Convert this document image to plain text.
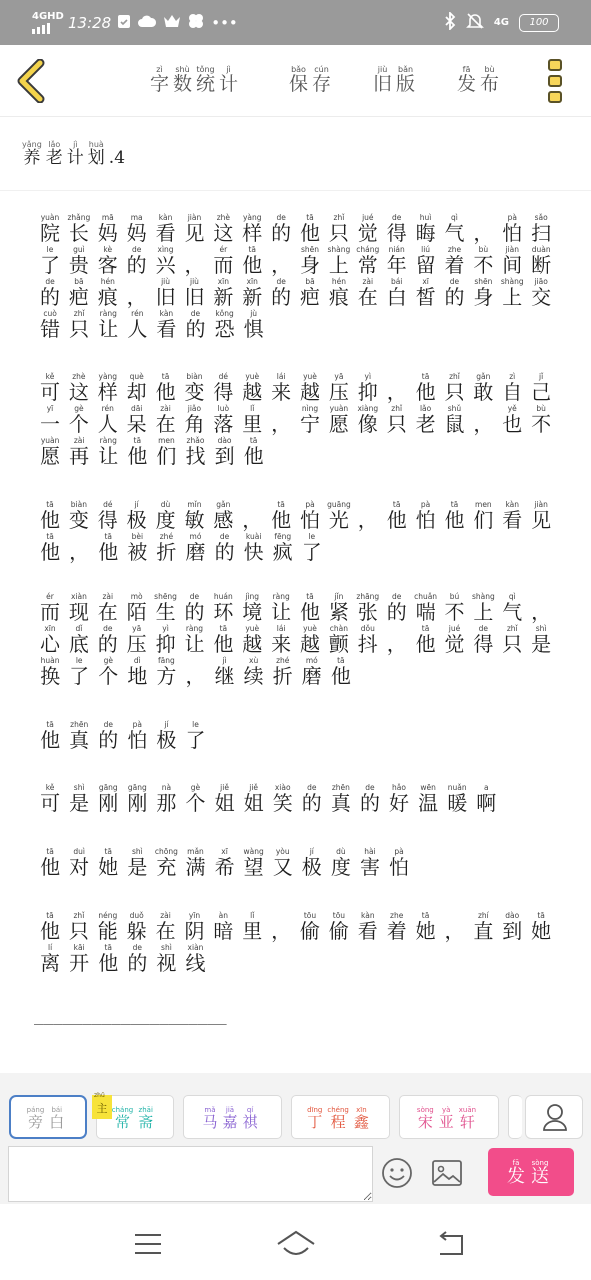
4GHD 13:28	•••	4G 100
zì
字
shù
数
tǒng
统
jì
计
bǎo
保
cún
存
jiù
旧
bǎn
版
fā
发
bù
布
yǎng
养
lǎo
老
jì
计
huà
划 .4
yuàn
院
zhǎng
长
mā
妈
ma
妈
kàn
看
jiàn
见
zhè
这
yàng
样
de
的
tā
他
zhǐ
只
jué
觉
de
得
huì
晦
qì
气 ，
pà
怕
sǎo
扫
le
了
guì
贵
kè
客
de
的
xìng
兴 ，
ér
而
tā
他 ，
shēn
身
shàng
上
cháng
常
nián
年
liú
留
zhe
着
bù
不
jiàn
间
duàn
断
de
的
bā
疤
hén
痕 ，
jiù
旧
jiù
旧
xīn
新
xīn
新
de
的
bā
疤
hén
痕
zài
在
bái
白
xī
皙
de
的
shēn
身
shàng
上
jiāo
交
cuò
错
zhǐ
只
ràng
让
rén
人
kàn
看
de
的
kǒng
恐
jù
惧
kě
可
zhè
这
yàng
样
què
却
tā
他
biàn
变
dé
得
yuè
越
lái
来
yuè
越
yā
压
yì
抑 ，
tā
他
zhǐ
只
gǎn
敢
zì
自
jǐ
己
yī
一
gè
个
rén
人
dāi
呆
zài
在
jiǎo
角
luò
落
lǐ
里 ，
nìng
宁
yuàn
愿
xiàng
像
zhǐ
只
lǎo
老
shǔ
鼠 ，
yě
也
bù
不
yuàn
愿
zài
再
ràng
让
tā
他
men
们
zhǎo
找
dào
到
tā
他
tā
他
biàn
变
dé
得
jí
极
dù
度
mǐn
敏
gǎn
感 ，
tā
他
pà
怕
guāng
光 ，
tā
他
pà
怕
tā
他
men
们
kàn
看
jiàn
见
tā
他 ，
tā
他
bèi
被
zhé
折
mó
磨
de
的
kuài
快
fēng
疯
le
了
ér
而
xiàn
现
zài
在
mò
陌
shēng
生
de
的
huán
环
jìng
境
ràng
让
tā
他
jǐn
紧
zhāng
张
de
的
chuǎn
喘
bú
不
shàng
上
qì
气 ，
xīn
心
dǐ
底
de
的
yā
压
yì
抑
ràng
让
tā
他
yuè
越
lái
来
yuè
越
chàn
颤
dǒu
抖 ，
tā
他
jué
觉
de
得
zhǐ
只
shì
是
huàn
换
le
了
gè
个
dì
地
fāng
方 ，
jì
继
xù
续
zhé
折
mó
磨
tā
他
tā
他
zhēn
真
de
的
pà
怕
jí
极
le
了
kě
可
shì
是
gāng
刚
gāng
刚
nà
那
gè
个
jiě
姐
jiě
姐
xiào
笑
de
的
zhēn
真
de
的
hǎo
好
wēn
温
nuǎn
暖
a
啊
tā
他
duì
对
tā
她
shì
是
chōng
充
mǎn
满
xī
希
wàng
望
yòu
又
jí
极
dù
度
hài
害
pà
怕
tā
他
zhǐ
只
néng
能
duǒ
躲
zài
在
yīn
阴
àn
暗
lǐ
里 ，
tōu
偷
tōu
偷
kàn
看
zhe
着
tā
她 ，
zhí
直
dào
到
tā
她
lí
离
kāi
开
tā
他
de
的
shì
视
xiàn
线
____________________
zhǔ
主
páng
旁
bái
白
cháng
常
zhāi
斋
mǎ
马
jiā
嘉
qí
祺
dīng
丁
chéng
程
xīn
鑫
sòng
宋
yà
亚
xuān
轩
fā
发
sòng
送
